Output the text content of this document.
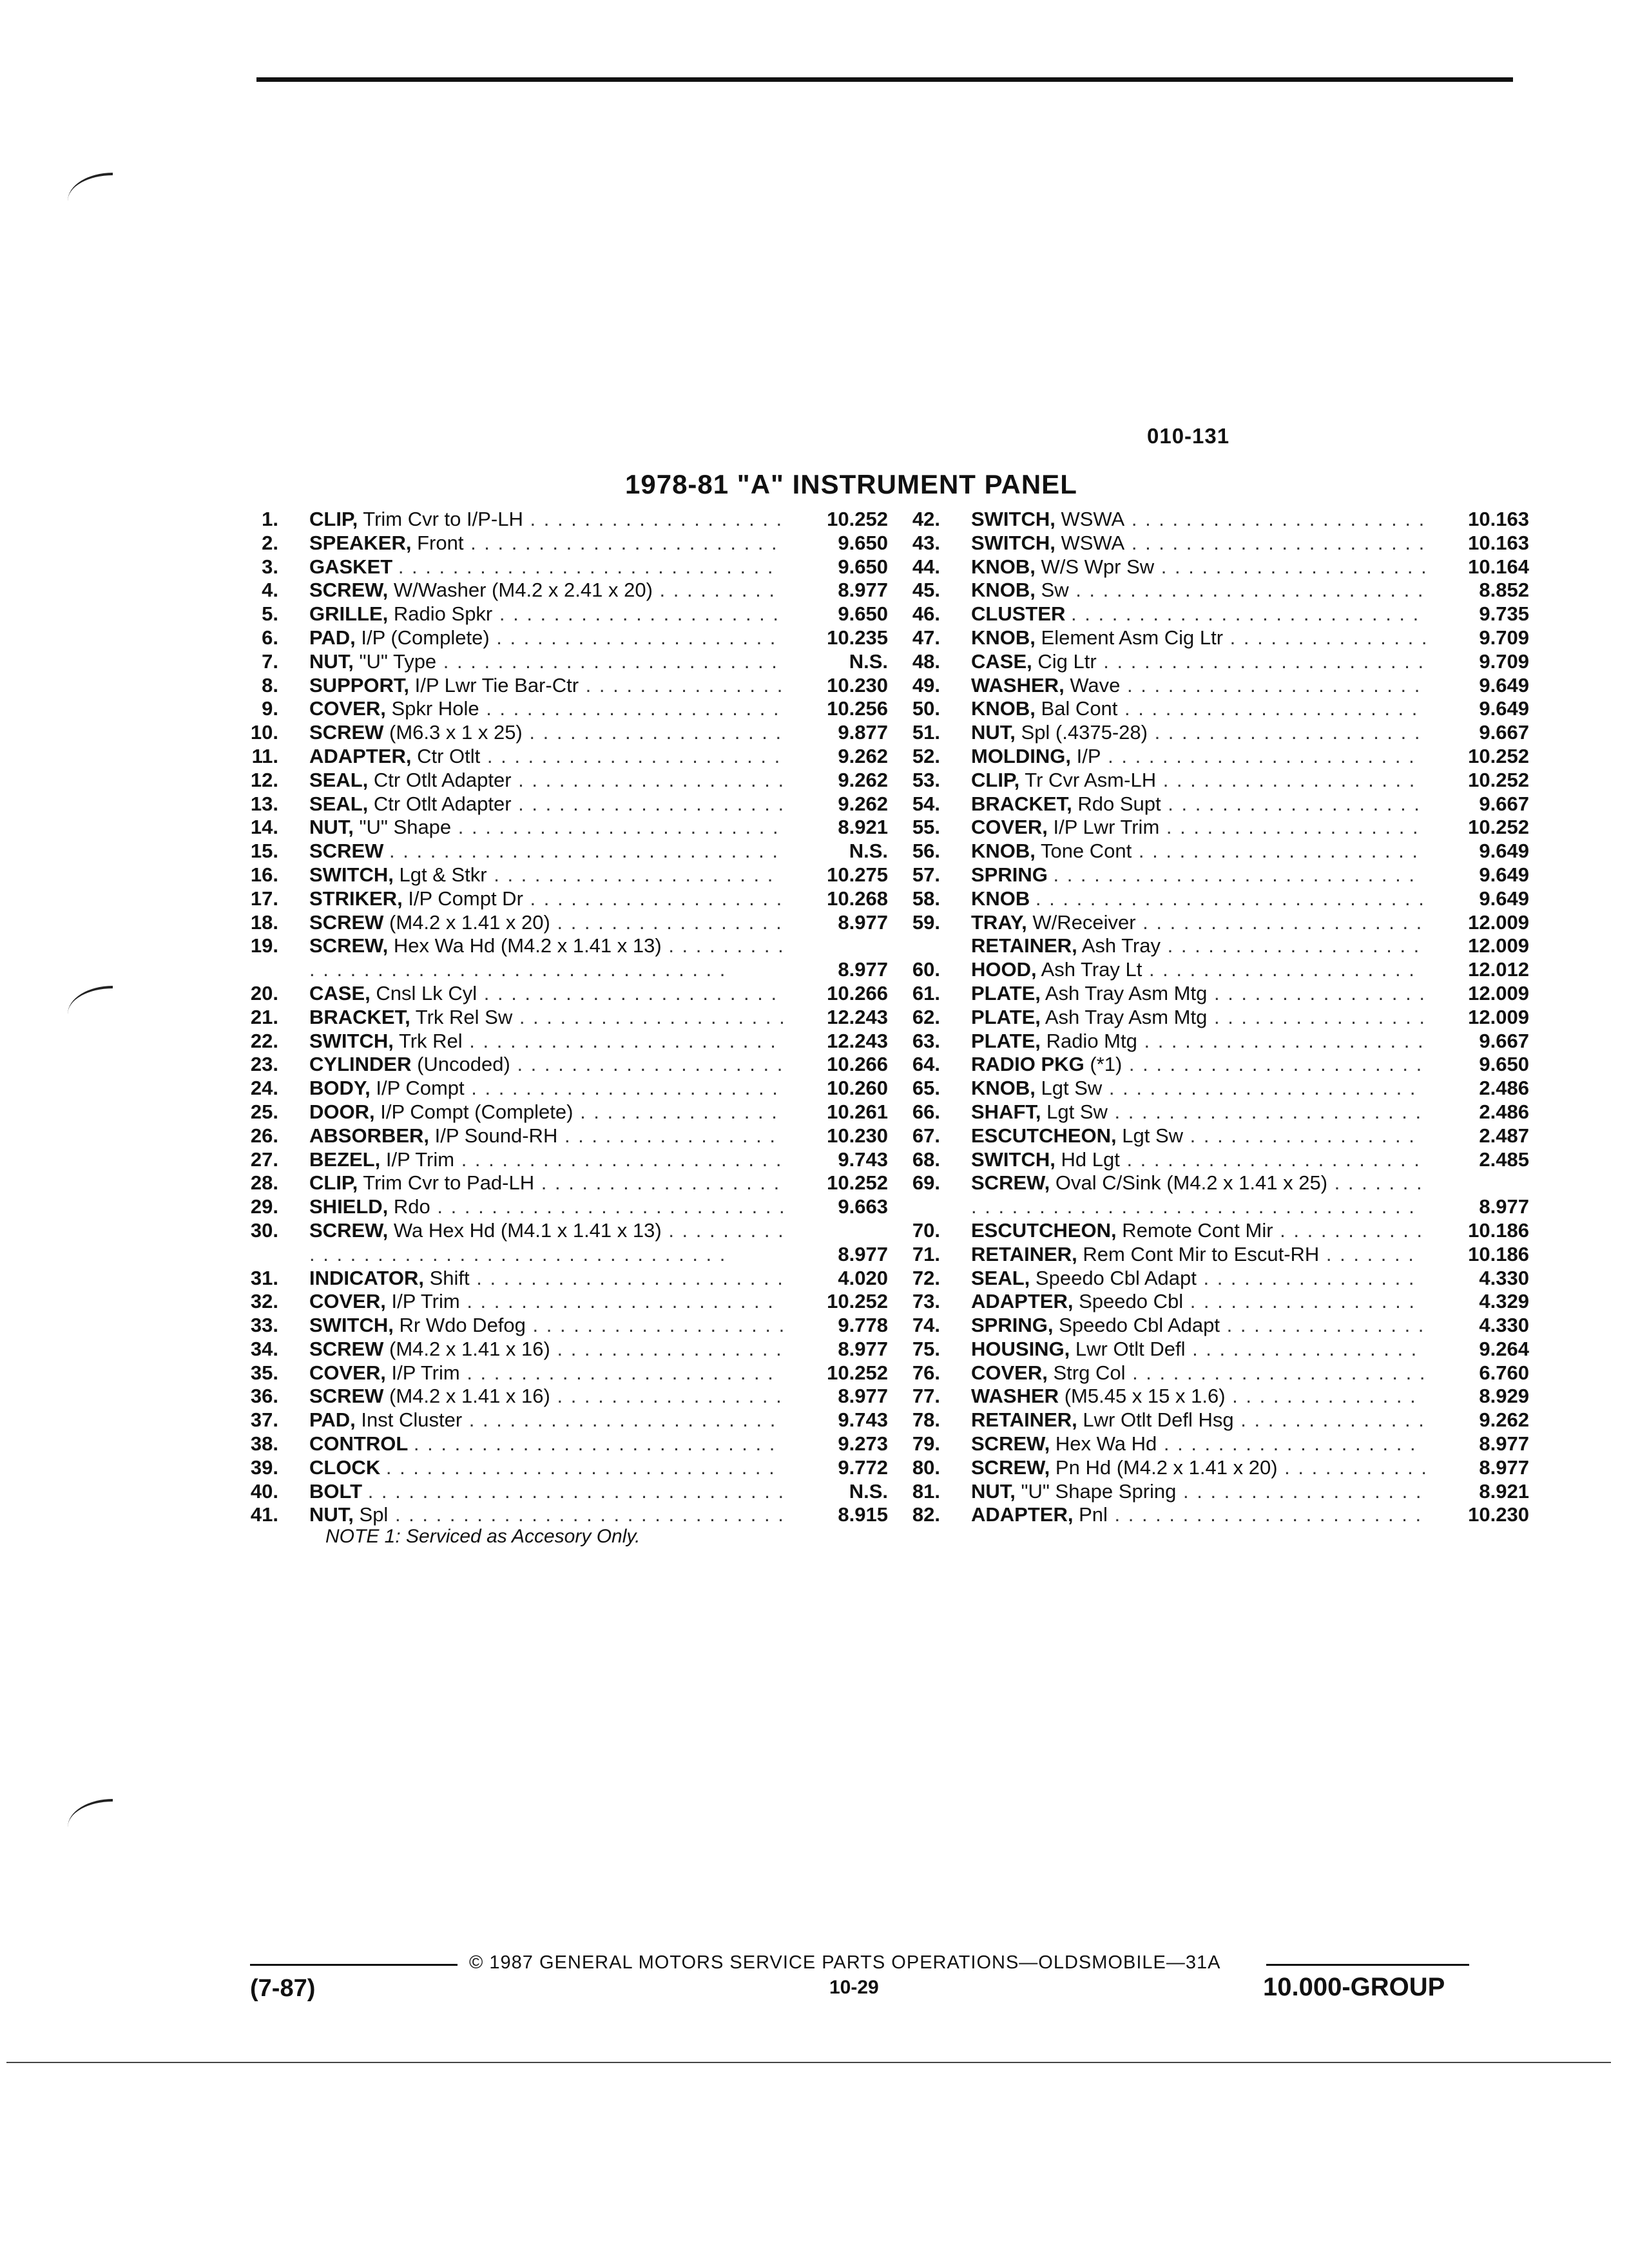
010-131
1978-81 "A" INSTRUMENT PANEL
1. CLIP, Trim Cvr to I/P-LH . . . . . . . . . . . . . . . . . . .	10.252
2. SPEAKER, Front . . . . . . . . . . . . . . . . . . . . . . .	9.650
3. GASKET . . . . . . . . . . . . . . . . . . . . . . . . . . . .	9.650
4. SCREW, W/Washer (M4.2 x 2.41 x 20) . . . . . . . . .	8.977
5. GRILLE, Radio Spkr . . . . . . . . . . . . . . . . . . . . .	9.650
6. PAD, I/P (Complete) . . . . . . . . . . . . . . . . . . . . .	10.235
7. NUT, "U" Type . . . . . . . . . . . . . . . . . . . . . . . . .	N.S.
8. SUPPORT, I/P Lwr Tie Bar-Ctr . . . . . . . . . . . . . . .	10.230
9. COVER, Spkr Hole . . . . . . . . . . . . . . . . . . . . . .	10.256
10. SCREW (M6.3 x 1 x 25) . . . . . . . . . . . . . . . . . . .	9.877
11. ADAPTER, Ctr Otlt . . . . . . . . . . . . . . . . . . . . . .	9.262
12. SEAL, Ctr Otlt Adapter . . . . . . . . . . . . . . . . . . . .	9.262
13. SEAL, Ctr Otlt Adapter . . . . . . . . . . . . . . . . . . . .	9.262
14. NUT, "U" Shape . . . . . . . . . . . . . . . . . . . . . . . .	8.921
15. SCREW . . . . . . . . . . . . . . . . . . . . . . . . . . . . .	N.S.
16. SWITCH, Lgt & Stkr . . . . . . . . . . . . . . . . . . . . .	10.275
17. STRIKER, I/P Compt Dr . . . . . . . . . . . . . . . . . . .	10.268
18. SCREW (M4.2 x 1.41 x 20) . . . . . . . . . . . . . . . . .	8.977
19. SCREW, Hex Wa Hd (M4.2 x 1.41 x 13) . . . . . . . . . . . . . . . . . . . . . . . . . . . . . . . . . . . . . . . .	8.977
20. CASE, Cnsl Lk Cyl . . . . . . . . . . . . . . . . . . . . . .	10.266
21. BRACKET, Trk Rel Sw . . . . . . . . . . . . . . . . . . . .	12.243
22. SWITCH, Trk Rel . . . . . . . . . . . . . . . . . . . . . . .	12.243
23. CYLINDER (Uncoded) . . . . . . . . . . . . . . . . . . . .	10.266
24. BODY, I/P Compt . . . . . . . . . . . . . . . . . . . . . . .	10.260
25. DOOR, I/P Compt (Complete) . . . . . . . . . . . . . . .	10.261
26. ABSORBER, I/P Sound-RH . . . . . . . . . . . . . . . .	10.230
27. BEZEL, I/P Trim . . . . . . . . . . . . . . . . . . . . . . . .	9.743
28. CLIP, Trim Cvr to Pad-LH . . . . . . . . . . . . . . . . . .	10.252
29. SHIELD, Rdo . . . . . . . . . . . . . . . . . . . . . . . . . .	9.663
30. SCREW, Wa Hex Hd (M4.1 x 1.41 x 13) . . . . . . . . . . . . . . . . . . . . . . . . . . . . . . . . . . . . . . . .	8.977
31. INDICATOR, Shift . . . . . . . . . . . . . . . . . . . . . . .	4.020
32. COVER, I/P Trim . . . . . . . . . . . . . . . . . . . . . . .	10.252
33. SWITCH, Rr Wdo Defog . . . . . . . . . . . . . . . . . . .	9.778
34. SCREW (M4.2 x 1.41 x 16) . . . . . . . . . . . . . . . . .	8.977
35. COVER, I/P Trim . . . . . . . . . . . . . . . . . . . . . . .	10.252
36. SCREW (M4.2 x 1.41 x 16) . . . . . . . . . . . . . . . . .	8.977
37. PAD, Inst Cluster . . . . . . . . . . . . . . . . . . . . . . .	9.743
38. CONTROL . . . . . . . . . . . . . . . . . . . . . . . . . . .	9.273
39. CLOCK . . . . . . . . . . . . . . . . . . . . . . . . . . . . .	9.772
40. BOLT . . . . . . . . . . . . . . . . . . . . . . . . . . . . . . .	N.S.
41. NUT, Spl . . . . . . . . . . . . . . . . . . . . . . . . . . . . .	8.915
42. SWITCH, WSWA . . . . . . . . . . . . . . . . . . . . . .	10.163
43. SWITCH, WSWA . . . . . . . . . . . . . . . . . . . . . .	10.163
44. KNOB, W/S Wpr Sw . . . . . . . . . . . . . . . . . . . .	10.164
45. KNOB, Sw . . . . . . . . . . . . . . . . . . . . . . . . . .	8.852
46. CLUSTER . . . . . . . . . . . . . . . . . . . . . . . . . .	9.735
47. KNOB, Element Asm Cig Ltr . . . . . . . . . . . . . . .	9.709
48. CASE, Cig Ltr . . . . . . . . . . . . . . . . . . . . . . . .	9.709
49. WASHER, Wave . . . . . . . . . . . . . . . . . . . . . .	9.649
50. KNOB, Bal Cont . . . . . . . . . . . . . . . . . . . . . .	9.649
51. NUT, Spl (.4375-28) . . . . . . . . . . . . . . . . . . . .	9.667
52. MOLDING, I/P . . . . . . . . . . . . . . . . . . . . . . .	10.252
53. CLIP, Tr Cvr Asm-LH . . . . . . . . . . . . . . . . . . .	10.252
54. BRACKET, Rdo Supt . . . . . . . . . . . . . . . . . . .	9.667
55. COVER, I/P Lwr Trim . . . . . . . . . . . . . . . . . . .	10.252
56. KNOB, Tone Cont . . . . . . . . . . . . . . . . . . . . .	9.649
57. SPRING . . . . . . . . . . . . . . . . . . . . . . . . . . .	9.649
58. KNOB . . . . . . . . . . . . . . . . . . . . . . . . . . . . .	9.649
59. TRAY, W/Receiver . . . . . . . . . . . . . . . . . . . . .	12.009
RETAINER, Ash Tray . . . . . . . . . . . . . . . . . . .	12.009
60. HOOD, Ash Tray Lt . . . . . . . . . . . . . . . . . . . .	12.012
61. PLATE, Ash Tray Asm Mtg . . . . . . . . . . . . . . . .	12.009
62. PLATE, Ash Tray Asm Mtg . . . . . . . . . . . . . . . .	12.009
63. PLATE, Radio Mtg . . . . . . . . . . . . . . . . . . . . .	9.667
64. RADIO PKG (*1) . . . . . . . . . . . . . . . . . . . . . .	9.650
65. KNOB, Lgt Sw . . . . . . . . . . . . . . . . . . . . . . .	2.486
66. SHAFT, Lgt Sw . . . . . . . . . . . . . . . . . . . . . . .	2.486
67. ESCUTCHEON, Lgt Sw . . . . . . . . . . . . . . . . .	2.487
68. SWITCH, Hd Lgt . . . . . . . . . . . . . . . . . . . . . .	2.485
69. SCREW, Oval C/Sink (M4.2 x 1.41 x 25) . . . . . . . . . . . . . . . . . . . . . . . . . . . . . . . . . . . . . . . .	8.977
70. ESCUTCHEON, Remote Cont Mir . . . . . . . . . . .	10.186
71. RETAINER, Rem Cont Mir to Escut-RH . . . . . . .	10.186
72. SEAL, Speedo Cbl Adapt . . . . . . . . . . . . . . . .	4.330
73. ADAPTER, Speedo Cbl . . . . . . . . . . . . . . . . .	4.329
74. SPRING, Speedo Cbl Adapt . . . . . . . . . . . . . . .	4.330
75. HOUSING, Lwr Otlt Defl . . . . . . . . . . . . . . . . .	9.264
76. COVER, Strg Col . . . . . . . . . . . . . . . . . . . . . .	6.760
77. WASHER (M5.45 x 15 x 1.6) . . . . . . . . . . . . . .	8.929
78. RETAINER, Lwr Otlt Defl Hsg . . . . . . . . . . . . . .	9.262
79. SCREW, Hex Wa Hd . . . . . . . . . . . . . . . . . . .	8.977
80. SCREW, Pn Hd (M4.2 x 1.41 x 20) . . . . . . . . . . .	8.977
81. NUT, "U" Shape Spring . . . . . . . . . . . . . . . . . .	8.921
82. ADAPTER, Pnl . . . . . . . . . . . . . . . . . . . . . . .	10.230
NOTE 1: Serviced as Accesory Only.
© 1987 GENERAL MOTORS SERVICE PARTS OPERATIONS—OLDSMOBILE—31A
(7-87)	10-29	10.000-GROUP
